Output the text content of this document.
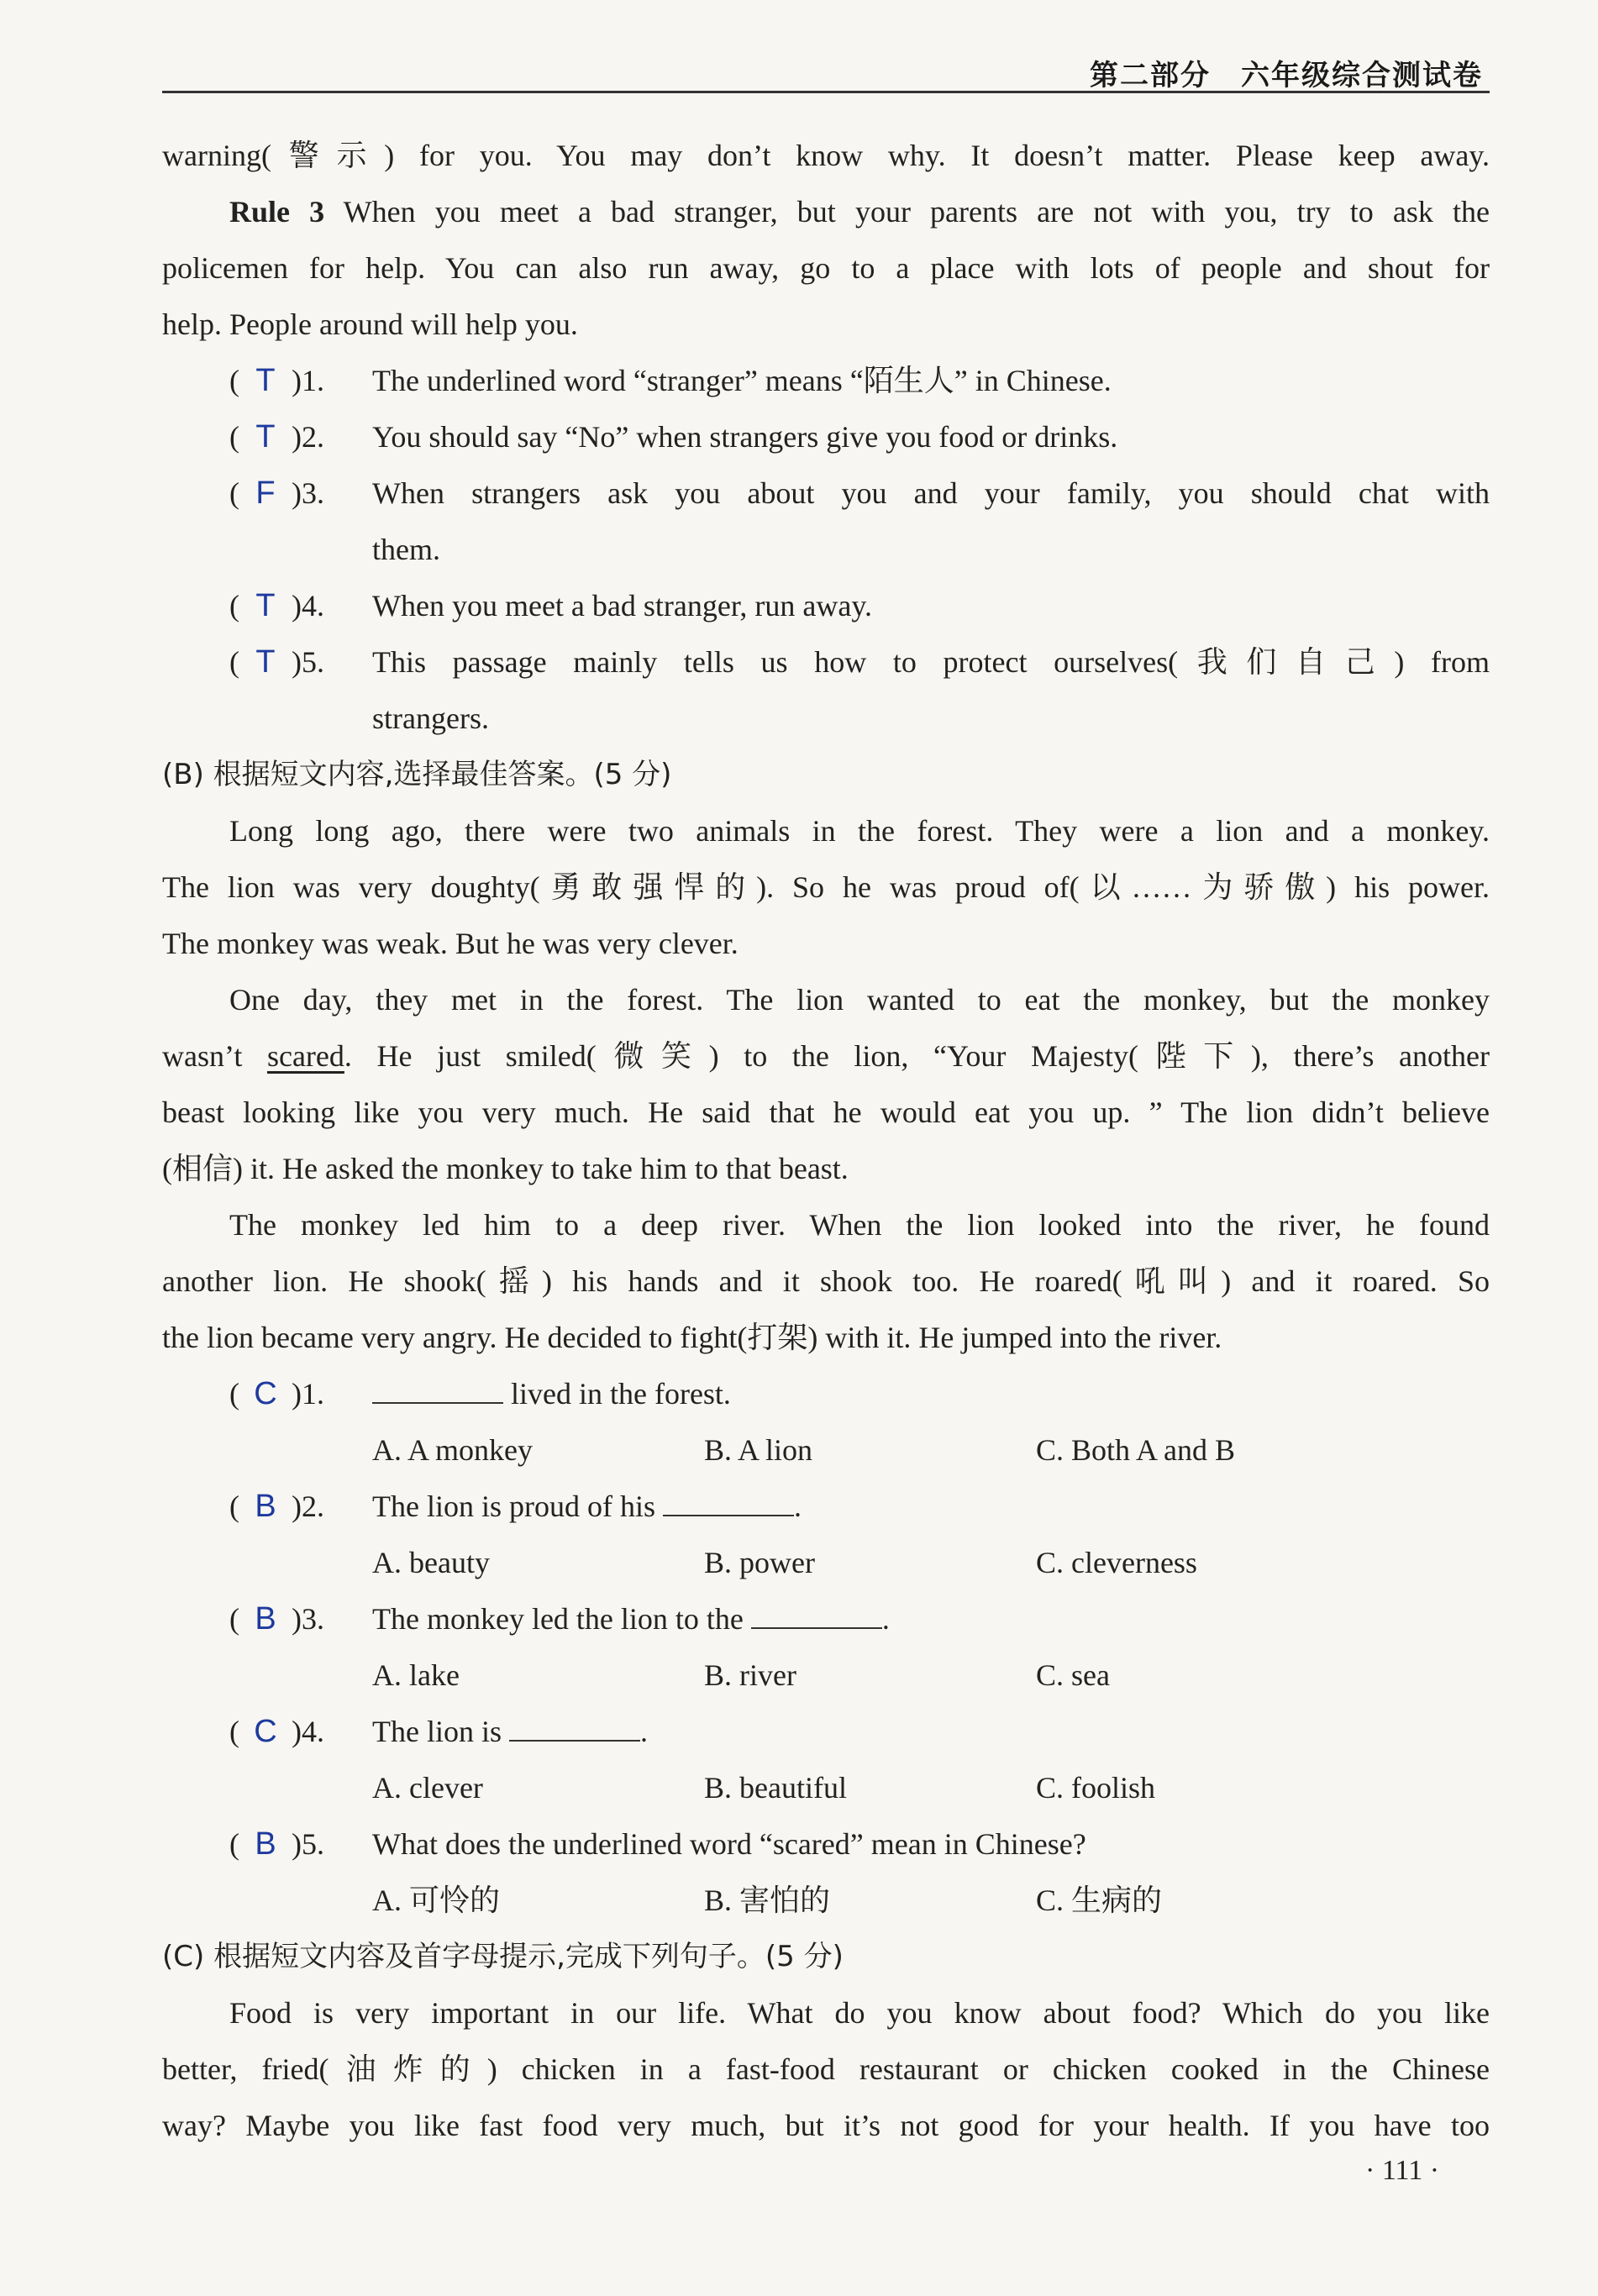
第二部分　六年级综合测试卷

warning(警示) for you. You may don’t know why. It doesn’t matter. Please keep away.

Rule 3 When you meet a bad stranger, but your parents are not with you, try to ask the

policemen for help. You can also run away, go to a place with lots of people and shout for

help. People around will help you.

( T )1.	The underlined word “stranger” means “陌生人” in Chinese.
( T )2.	You should say “No” when strangers give you food or drinks.
( F )3.	When strangers ask you about you and your family, you should chat with

them.

( T )4.	When you meet a bad stranger, run away.
( T )5.	This passage mainly tells us how to protect ourselves(我们自己) from

strangers.

(B) 根据短文内容,选择最佳答案。(5 分)

Long long ago, there were two animals in the forest. They were a lion and a monkey.

The lion was very doughty(勇敢强悍的). So he was proud of(以……为骄傲) his power.

The monkey was weak. But he was very clever.

One day, they met in the forest. The lion wanted to eat the monkey, but the monkey

wasn’t scared. He just smiled(微笑) to the lion, “Your Majesty(陛下), there’s another

beast looking like you very much. He said that he would eat you up. ” The lion didn’t believe

(相信) it. He asked the monkey to take him to that beast.

The monkey led him to a deep river. When the lion looked into the river, he found

another lion. He shook(摇) his hands and it shook too. He roared(吼叫) and it roared. So

the lion became very angry. He decided to fight(打架) with it. He jumped into the river.

( C )1.	lived in the forest.
A. A monkey	B. A lion	C. Both A and B
( B )2.	The lion is proud of his	.
A. beauty	B. power	C. cleverness
( B )3.	The monkey led the lion to the	.
A. lake	B. river	C. sea
( C )4.	The lion is	.
A. clever	B. beautiful	C. foolish
( B )5.	What does the underlined word “scared” mean in Chinese?
A. 可怜的	B. 害怕的	C. 生病的

(C) 根据短文内容及首字母提示,完成下列句子。(5 分)

Food is very important in our life. What do you know about food? Which do you like

better, fried(油炸的) chicken in a fast-food restaurant or chicken cooked in the Chinese

way? Maybe you like fast food very much, but it’s not good for your health. If you have too

· 111 ·
